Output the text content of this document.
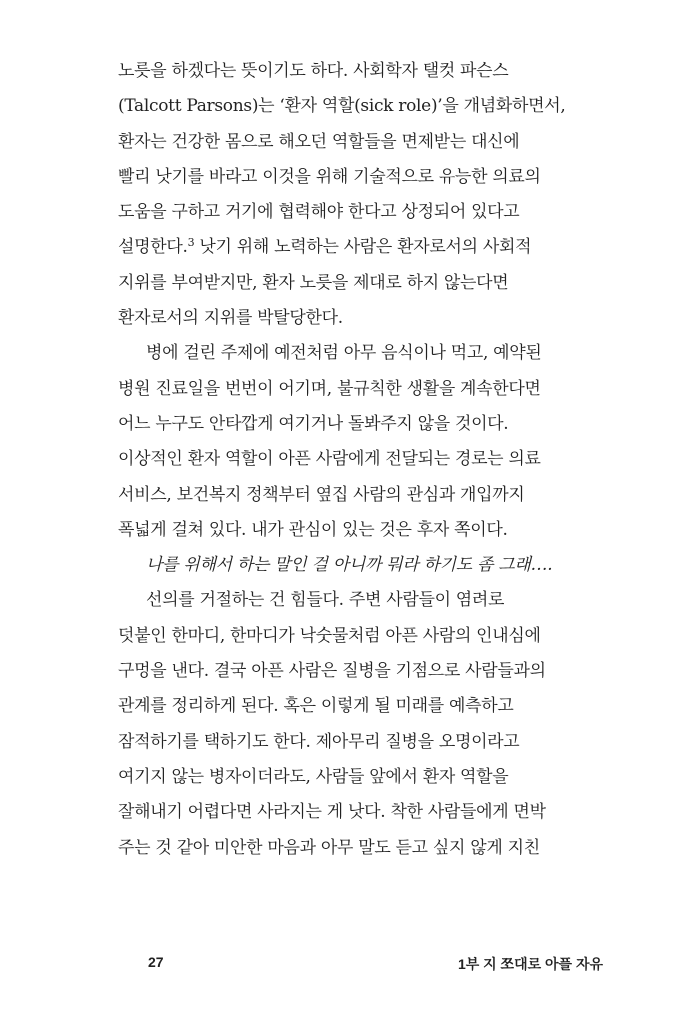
노릇을 하겠다는 뜻이기도 하다. 사회학자 탤컷 파슨스
(Talcott Parsons)는 ‘환자 역할(sick role)’을 개념화하면서,
환자는 건강한 몸으로 해오던 역할들을 면제받는 대신에
빨리 낫기를 바라고 이것을 위해 기술적으로 유능한 의료의
도움을 구하고 거기에 협력해야 한다고 상정되어 있다고
설명한다.$^3$ 낫기 위해 노력하는 사람은 환자로서의 사회적
지위를 부여받지만, 환자 노릇을 제대로 하지 않는다면
환자로서의 지위를 박탈당한다.
병에 걸린 주제에 예전처럼 아무 음식이나 먹고, 예약된
병원 진료일을 번번이 어기며, 불규칙한 생활을 계속한다면
어느 누구도 안타깝게 여기거나 돌봐주지 않을 것이다.
이상적인 환자 역할이 아픈 사람에게 전달되는 경로는 의료
서비스, 보건복지 정책부터 옆집 사람의 관심과 개입까지
폭넓게 걸쳐 있다. 내가 관심이 있는 것은 후자 쪽이다.
나를 위해서 하는 말인 걸 아니까 뭐라 하기도 좀 그래….
선의를 거절하는 건 힘들다. 주변 사람들이 염려로
덧붙인 한마디, 한마디가 낙숫물처럼 아픈 사람의 인내심에
구멍을 낸다. 결국 아픈 사람은 질병을 기점으로 사람들과의
관계를 정리하게 된다. 혹은 이렇게 될 미래를 예측하고
잠적하기를 택하기도 한다. 제아무리 질병을 오명이라고
여기지 않는 병자이더라도, 사람들 앞에서 환자 역할을
잘해내기 어렵다면 사라지는 게 낫다. 착한 사람들에게 면박
주는 것 같아 미안한 마음과 아무 말도 듣고 싶지 않게 지친
27	1부 지 쪼대로 아플 자유
